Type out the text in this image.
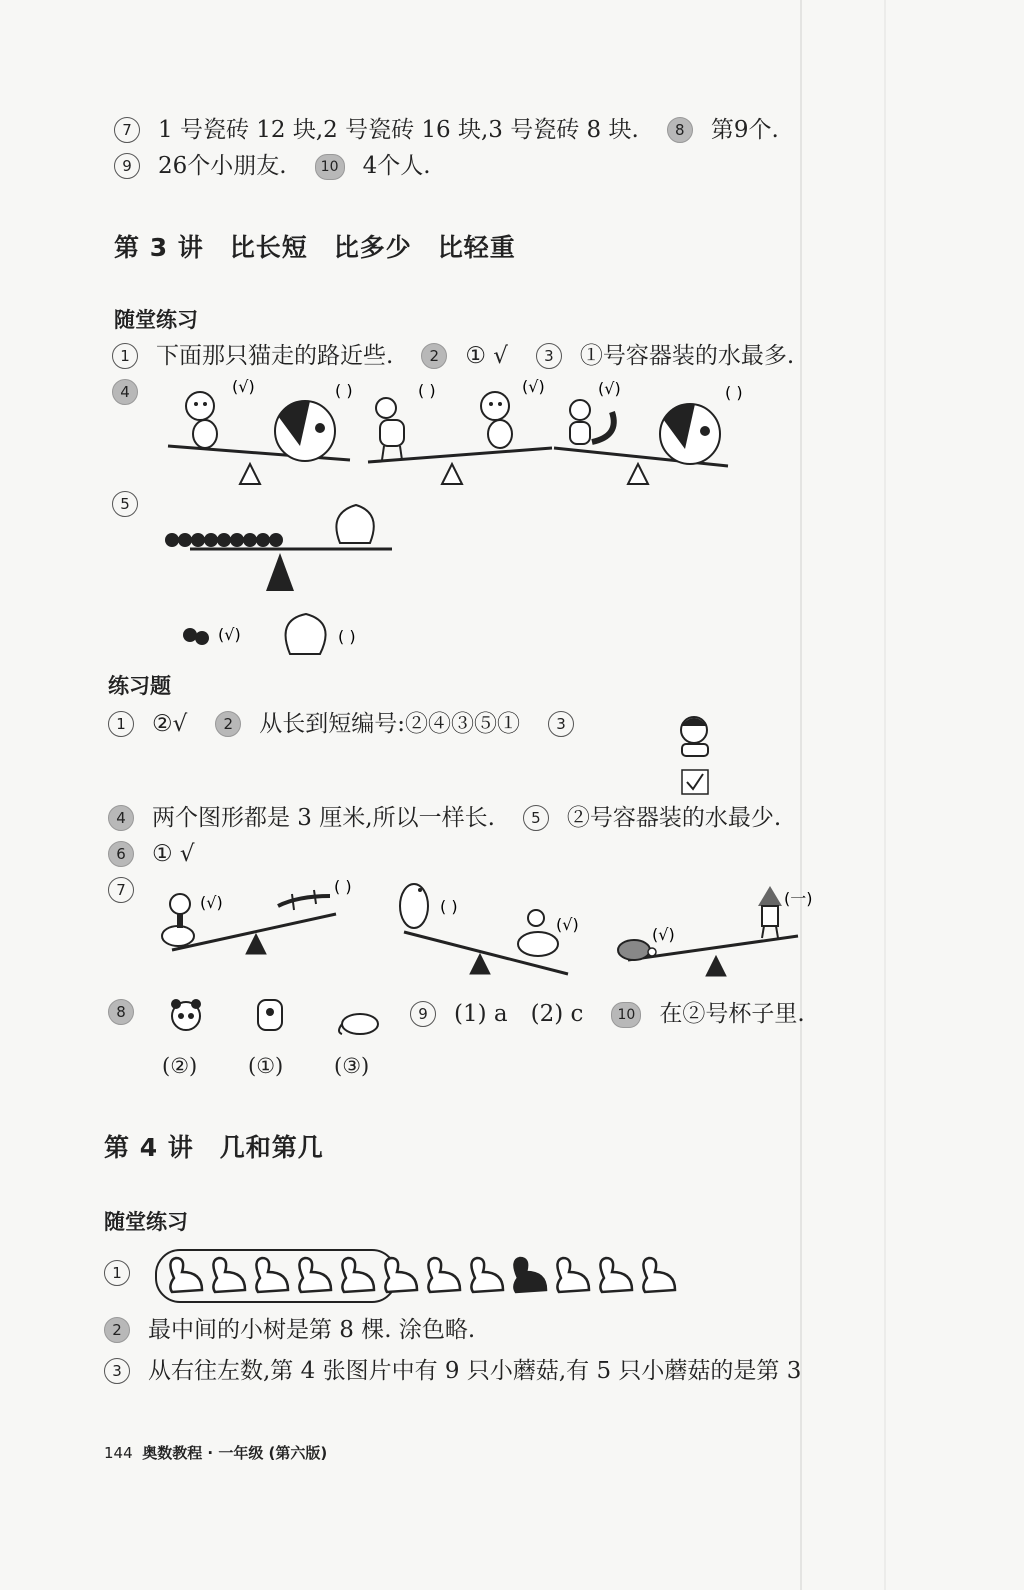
7 1 号瓷砖 12 块,2 号瓷砖 16 块,3 号瓷砖 8 块. 8 第9个.
9 26个小朋友. 10 4个人.
第 3 讲　比长短　比多少　比轻重
随堂练习
1 下面那只猫走的路近些. 2 ① √ 3 ①号容器装的水最多.
4	(√)	( )	( )	(√)	(√)	( )
5
(√)	( )
练习题
1 ②√ 2 从长到短编号:②④③⑤① 3
4 两个图形都是 3 厘米,所以一样长. 5 ②号容器装的水最少.
6 ① √
7
(√)
( )
( )
(√)
(√)
(一)
8	9 (1) a　(2) c 10 在②号杯子里.
(②) (①) (③)
第 4 讲　几和第几
随堂练习
1
2 最中间的小树是第 8 棵. 涂色略.
3 从右往左数,第 4 张图片中有 9 只小蘑菇,有 5 只小蘑菇的是第 3
144 奥数教程 · 一年级 (第六版)
